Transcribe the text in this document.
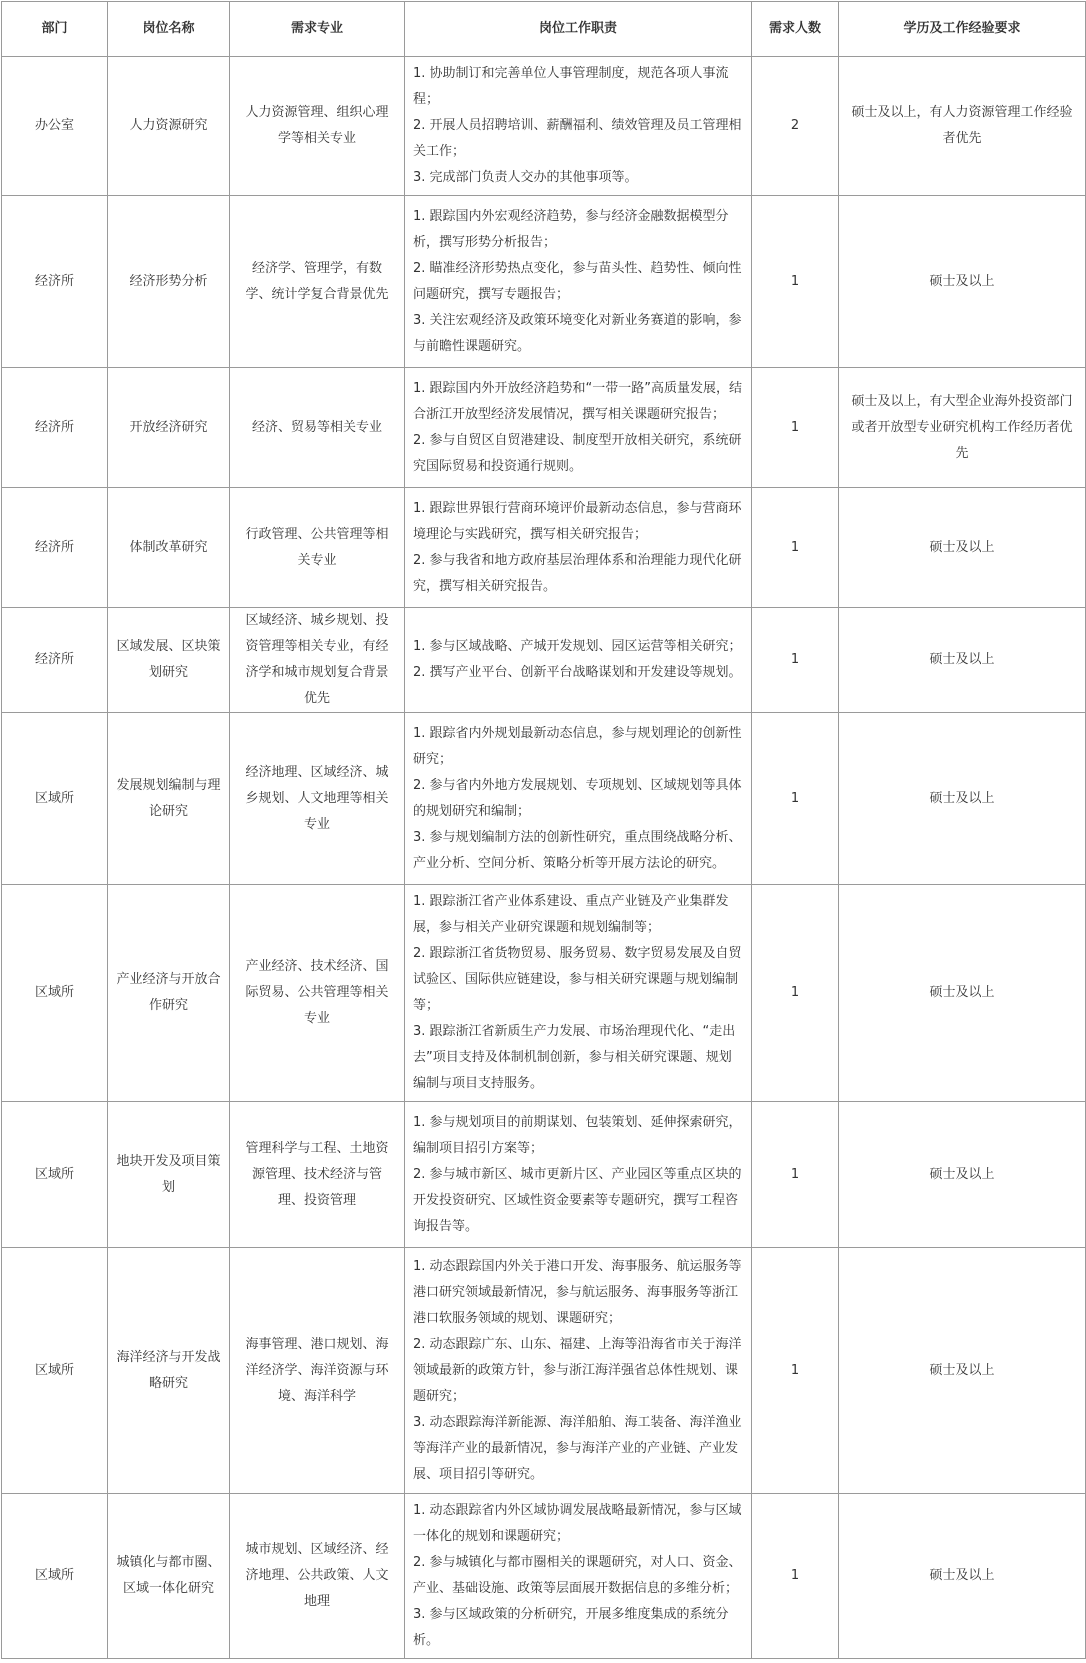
部门	岗位名称	需求专业	岗位工作职责	需求人数	学历及工作经验要求
办公室	人力资源研究	人力资源管理、组织心理学等相关专业	1. 协助制订和完善单位人事管理制度，规范各项人事流程；
2. 开展人员招聘培训、薪酬福利、绩效管理及员工管理相关工作；
3. 完成部门负责人交办的其他事项等。	2	硕士及以上，有人力资源管理工作经验者优先
经济所	经济形势分析	经济学、管理学，有数学、统计学复合背景优先	1. 跟踪国内外宏观经济趋势，参与经济金融数据模型分析，撰写形势分析报告；
2. 瞄准经济形势热点变化，参与苗头性、趋势性、倾向性问题研究，撰写专题报告；
3. 关注宏观经济及政策环境变化对新业务赛道的影响，参与前瞻性课题研究。	1	硕士及以上
经济所	开放经济研究	经济、贸易等相关专业	1. 跟踪国内外开放经济趋势和“一带一路”高质量发展，结合浙江开放型经济发展情况，撰写相关课题研究报告；
2. 参与自贸区自贸港建设、制度型开放相关研究，系统研究国际贸易和投资通行规则。	1	硕士及以上，有大型企业海外投资部门或者开放型专业研究机构工作经历者优先
经济所	体制改革研究	行政管理、公共管理等相关专业	1. 跟踪世界银行营商环境评价最新动态信息，参与营商环境理论与实践研究，撰写相关研究报告；
2. 参与我省和地方政府基层治理体系和治理能力现代化研究，撰写相关研究报告。	1	硕士及以上
经济所	区域发展、区块策划研究	区域经济、城乡规划、投资管理等相关专业，有经济学和城市规划复合背景优先	1. 参与区域战略、产城开发规划、园区运营等相关研究；
2. 撰写产业平台、创新平台战略谋划和开发建设等规划。	1	硕士及以上
区域所	发展规划编制与理论研究	经济地理、区域经济、城乡规划、人文地理等相关专业	1. 跟踪省内外规划最新动态信息，参与规划理论的创新性研究；
2. 参与省内外地方发展规划、专项规划、区域规划等具体的规划研究和编制；
3. 参与规划编制方法的创新性研究，重点围绕战略分析、产业分析、空间分析、策略分析等开展方法论的研究。	1	硕士及以上
区域所	产业经济与开放合作研究	产业经济、技术经济、国际贸易、公共管理等相关专业	1. 跟踪浙江省产业体系建设、重点产业链及产业集群发展，参与相关产业研究课题和规划编制等；
2. 跟踪浙江省货物贸易、服务贸易、数字贸易发展及自贸试验区、国际供应链建设，参与相关研究课题与规划编制等；
3. 跟踪浙江省新质生产力发展、市场治理现代化、“走出去”项目支持及体制机制创新，参与相关研究课题、规划编制与项目支持服务。	1	硕士及以上
区域所	地块开发及项目策划	管理科学与工程、土地资源管理、技术经济与管理、投资管理	1. 参与规划项目的前期谋划、包装策划、延伸探索研究，编制项目招引方案等；
2. 参与城市新区、城市更新片区、产业园区等重点区块的开发投资研究、区域性资金要素等专题研究，撰写工程咨询报告等。	1	硕士及以上
区域所	海洋经济与开发战略研究	海事管理、港口规划、海洋经济学、海洋资源与环境、海洋科学	1. 动态跟踪国内外关于港口开发、海事服务、航运服务等港口研究领域最新情况，参与航运服务、海事服务等浙江港口软服务领域的规划、课题研究；
2. 动态跟踪广东、山东、福建、上海等沿海省市关于海洋领域最新的政策方针，参与浙江海洋强省总体性规划、课题研究；
3. 动态跟踪海洋新能源、海洋船舶、海工装备、海洋渔业等海洋产业的最新情况，参与海洋产业的产业链、产业发展、项目招引等研究。	1	硕士及以上
区域所	城镇化与都市圈、区域一体化研究	城市规划、区域经济、经济地理、公共政策、人文地理	1. 动态跟踪省内外区域协调发展战略最新情况，参与区域一体化的规划和课题研究；
2. 参与城镇化与都市圈相关的课题研究，对人口、资金、产业、基础设施、政策等层面展开数据信息的多维分析；
3. 参与区域政策的分析研究，开展多维度集成的系统分析。	1	硕士及以上
